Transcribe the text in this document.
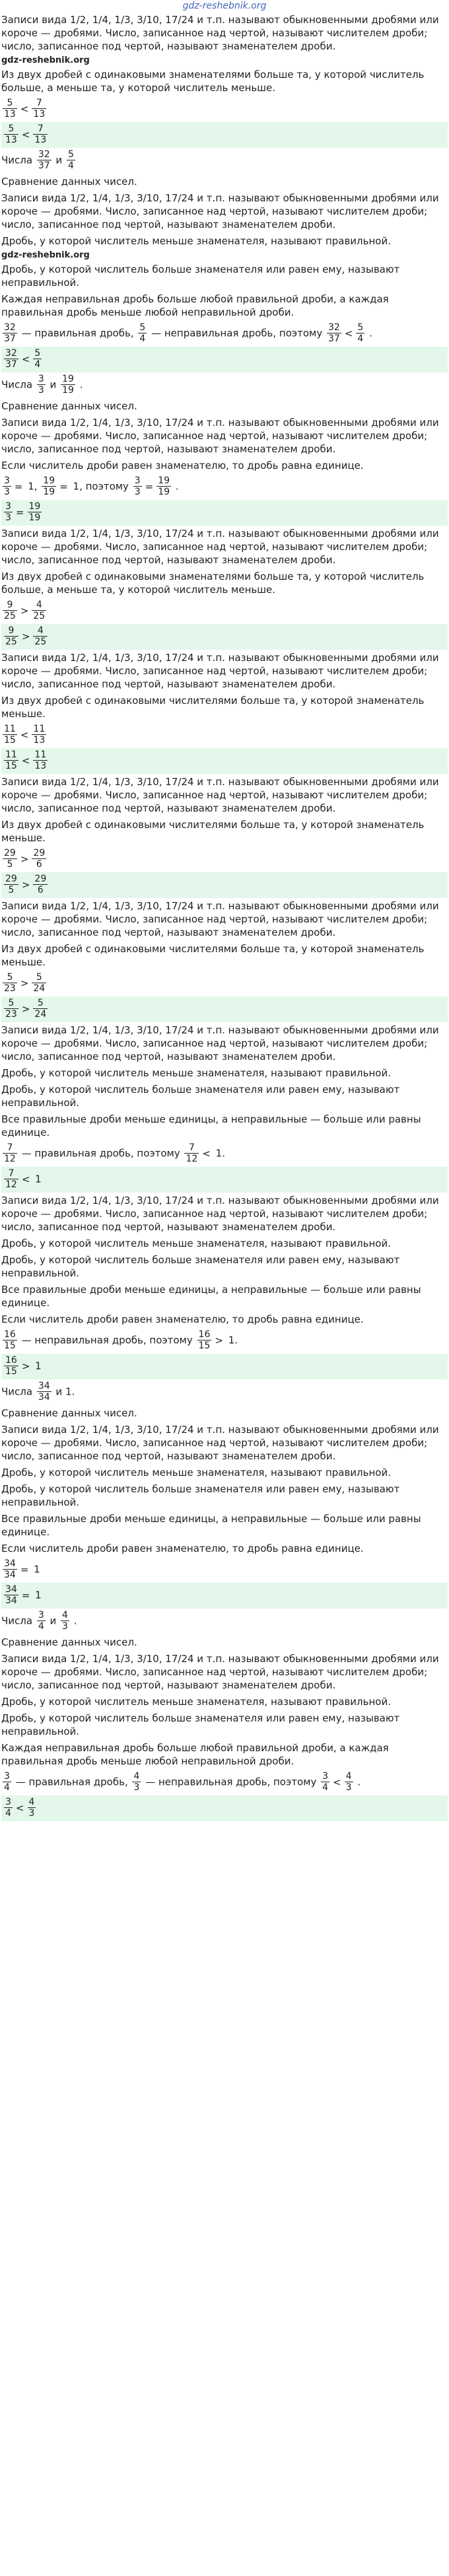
gdz-reshebnik.org

Записи вида 1/2, 1/4, 1/3, 3/10, 17/24 и т.п. называют обыкновенными дробями или короче — дробями. Число, записанное над чертой, называют числителем дроби; число, записанное под чертой, называют знаменателем дроби.

gdz-reshebnik.org

Из двух дробей с одинаковыми знаменателями больше та, у которой числитель больше, а меньше та, у которой числитель меньше.

$\frac{5}{13} < \frac{7}{13}$
$\frac{5}{13} < \frac{7}{13}$
Числа $\frac{32}{37}$ и $\frac{5}{4}$

Сравнение данных чисел.

Записи вида 1/2, 1/4, 1/3, 3/10, 17/24 и т.п. называют обыкновенными дробями или короче — дробями. Число, записанное над чертой, называют числителем дроби; число, записанное под чертой, называют знаменателем дроби.

Дробь, у которой числитель меньше знаменателя, называют правильной.

gdz-reshebnik.org

Дробь, у которой числитель больше знаменателя или равен ему, называют неправильной.

Каждая неправильная дробь больше любой правильной дроби, а каждая правильная дробь меньше любой неправильной дроби.

$\frac{32}{37}$ — правильная дробь, $\frac{5}{4}$ — неправильная дробь, поэтому $\frac{32}{37} < \frac{5}{4}$ .
$\frac{32}{37} < \frac{5}{4}$
Числа $\frac{3}{3}$ и $\frac{19}{19}$ .

Сравнение данных чисел.

Записи вида 1/2, 1/4, 1/3, 3/10, 17/24 и т.п. называют обыкновенными дробями или короче — дробями. Число, записанное над чертой, называют числителем дроби; число, записанное под чертой, называют знаменателем дроби.

Если числитель дроби равен знаменателю, то дробь равна единице.

$\frac{3}{3} = 1$, $\frac{19}{19} = 1$, поэтому $\frac{3}{3} = \frac{19}{19}$ .
$\frac{3}{3} = \frac{19}{19}$

Записи вида 1/2, 1/4, 1/3, 3/10, 17/24 и т.п. называют обыкновенными дробями или короче — дробями. Число, записанное над чертой, называют числителем дроби; число, записанное под чертой, называют знаменателем дроби.

Из двух дробей с одинаковыми знаменателями больше та, у которой числитель больше, а меньше та, у которой числитель меньше.

$\frac{9}{25} > \frac{4}{25}$
$\frac{9}{25} > \frac{4}{25}$

Записи вида 1/2, 1/4, 1/3, 3/10, 17/24 и т.п. называют обыкновенными дробями или короче — дробями. Число, записанное над чертой, называют числителем дроби; число, записанное под чертой, называют знаменателем дроби.

Из двух дробей с одинаковыми числителями больше та, у которой знаменатель меньше.

$\frac{11}{15} < \frac{11}{13}$
$\frac{11}{15} < \frac{11}{13}$

Записи вида 1/2, 1/4, 1/3, 3/10, 17/24 и т.п. называют обыкновенными дробями или короче — дробями. Число, записанное над чертой, называют числителем дроби; число, записанное под чертой, называют знаменателем дроби.

Из двух дробей с одинаковыми числителями больше та, у которой знаменатель меньше.

$\frac{29}{5} > \frac{29}{6}$
$\frac{29}{5} > \frac{29}{6}$

Записи вида 1/2, 1/4, 1/3, 3/10, 17/24 и т.п. называют обыкновенными дробями или короче — дробями. Число, записанное над чертой, называют числителем дроби; число, записанное под чертой, называют знаменателем дроби.

Из двух дробей с одинаковыми числителями больше та, у которой знаменатель меньше.

$\frac{5}{23} > \frac{5}{24}$
$\frac{5}{23} > \frac{5}{24}$

Записи вида 1/2, 1/4, 1/3, 3/10, 17/24 и т.п. называют обыкновенными дробями или короче — дробями. Число, записанное над чертой, называют числителем дроби; число, записанное под чертой, называют знаменателем дроби.

Дробь, у которой числитель меньше знаменателя, называют правильной.

Дробь, у которой числитель больше знаменателя или равен ему, называют неправильной.

Все правильные дроби меньше единицы, а неправильные — больше или равны единице.

$\frac{7}{12}$ — правильная дробь, поэтому $\frac{7}{12} < 1$.
$\frac{7}{12} < 1$

Записи вида 1/2, 1/4, 1/3, 3/10, 17/24 и т.п. называют обыкновенными дробями или короче — дробями. Число, записанное над чертой, называют числителем дроби; число, записанное под чертой, называют знаменателем дроби.

Дробь, у которой числитель меньше знаменателя, называют правильной.

Дробь, у которой числитель больше знаменателя или равен ему, называют неправильной.

Все правильные дроби меньше единицы, а неправильные — больше или равны единице.

Если числитель дроби равен знаменателю, то дробь равна единице.

$\frac{16}{15}$ — неправильная дробь, поэтому $\frac{16}{15} > 1$.
$\frac{16}{15} > 1$
Числа $\frac{34}{34}$ и 1.

Сравнение данных чисел.

Записи вида 1/2, 1/4, 1/3, 3/10, 17/24 и т.п. называют обыкновенными дробями или короче — дробями. Число, записанное над чертой, называют числителем дроби; число, записанное под чертой, называют знаменателем дроби.

Дробь, у которой числитель меньше знаменателя, называют правильной.

Дробь, у которой числитель больше знаменателя или равен ему, называют неправильной.

Все правильные дроби меньше единицы, а неправильные — больше или равны единице.

Если числитель дроби равен знаменателю, то дробь равна единице.

$\frac{34}{34} = 1$
$\frac{34}{34} = 1$
Числа $\frac{3}{4}$ и $\frac{4}{3}$ .

Сравнение данных чисел.

Записи вида 1/2, 1/4, 1/3, 3/10, 17/24 и т.п. называют обыкновенными дробями или короче — дробями. Число, записанное над чертой, называют числителем дроби; число, записанное под чертой, называют знаменателем дроби.

Дробь, у которой числитель меньше знаменателя, называют правильной.

Дробь, у которой числитель больше знаменателя или равен ему, называют неправильной.

Каждая неправильная дробь больше любой правильной дроби, а каждая правильная дробь меньше любой неправильной дроби.

$\frac{3}{4}$ — правильная дробь, $\frac{4}{3}$ — неправильная дробь, поэтому $\frac{3}{4} < \frac{4}{3}$ .
$\frac{3}{4} < \frac{4}{3}$
